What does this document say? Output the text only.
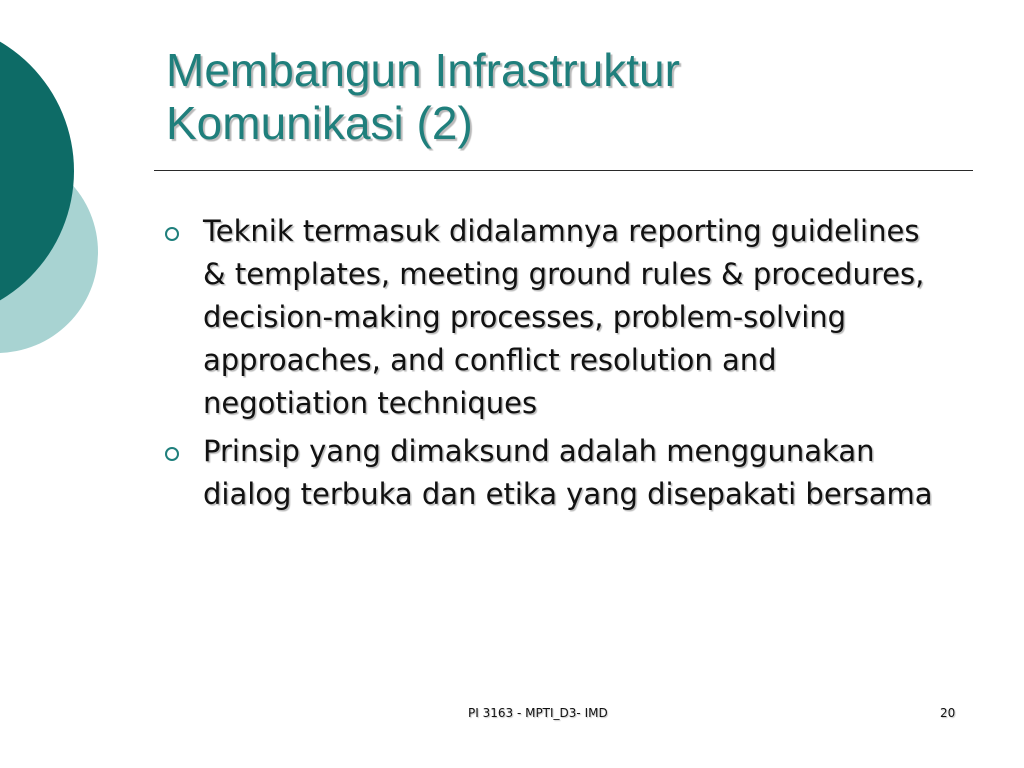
Membangun Infrastruktur
Komunikasi (2)
Teknik termasuk didalamnya reporting guidelines & templates, meeting ground rules & procedures, decision-making processes, problem-solving approaches, and conflict resolution and negotiation techniques
Prinsip yang dimaksund adalah menggunakan dialog terbuka dan etika yang disepakati bersama
PI 3163 - MPTI_D3- IMD	20
